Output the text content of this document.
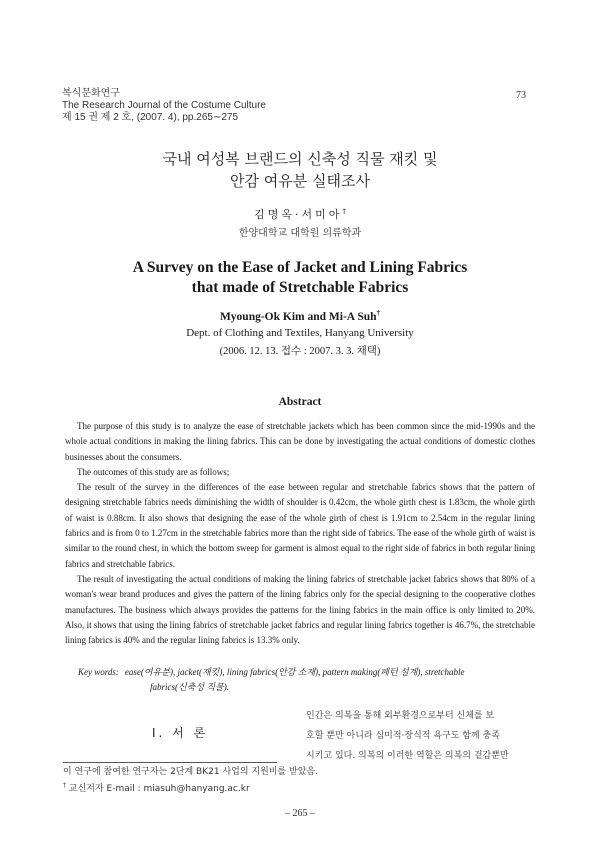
복식문화연구
The Research Journal of the Costume Culture
제 15 권 제 2 호, (2007. 4), pp.265∼275
73
국내 여성복 브랜드의 신축성 직물 재킷 및
안감 여유분 실태조사
김명옥·서미아†
한양대학교 대학원 의류학과
A Survey on the Ease of Jacket and Lining Fabrics
that made of Stretchable Fabrics
Myoung-Ok Kim and Mi-A Suh†
Dept. of Clothing and Textiles, Hanyang University
(2006. 12. 13. 접수 : 2007. 3. 3. 채택)
Abstract

The purpose of this study is to analyze the ease of stretchable jackets which has been common since the mid-1990s and the whole actual conditions in making the lining fabrics. This can be done by investigating the actual conditions of domestic clothes businesses about the consumers.

The outcomes of this study are as follows;

The result of the survey in the differences of the ease between regular and stretchable fabrics shows that the pattern of designing stretchable fabrics needs diminishing the width of shoulder is 0.42cm, the whole girth chest is 1.83cm, the whole girth of waist is 0.88cm. It also shows that designing the ease of the whole girth of chest is 1.91cm to 2.54cm in the regular lining fabrics and is from 0 to 1.27cm in the stretchable fabrics more than the right side of fabrics. The ease of the whole girth of waist is similar to the round chest, in which the bottom sweep for garment is almost equal to the right side of fabrics in both regular lining fabrics and stretchable fabrics.

The result of investigating the actual conditions of making the lining fabrics of stretchable jacket fabrics shows that 80% of a woman's wear brand produces and gives the pattern of the lining fabrics only for the special designing to the cooperative clothes manufactures. The business which always provides the patterns for the lining fabrics in the main office is only limited to 20%. Also, it shows that using the lining fabrics of stretchable jacket fabrics and regular lining fabrics together is 46.7%, the stretchable lining fabrics is 40% and the regular lining fabrics is 13.3% only.

Key words: ease(여유분), jacket(재킷), lining fabrics(안감 소재), pattern making(패턴 설계), stretchable
fabrics(신축성 직물).
Ⅰ. 서 론
인간은 의복을 통해 외부환경으로부터 신체를 보
호할 뿐만 아니라 심미적·장식적 욕구도 함께 충족
시키고 있다. 의복의 이러한 역할은 의복의 겉감뿐만
이 연구에 참여한 연구자는 2단계 BK21 사업의 지원비를 받았음.
† 교신저자 E-mail : miasuh@hanyang.ac.kr
– 265 –
